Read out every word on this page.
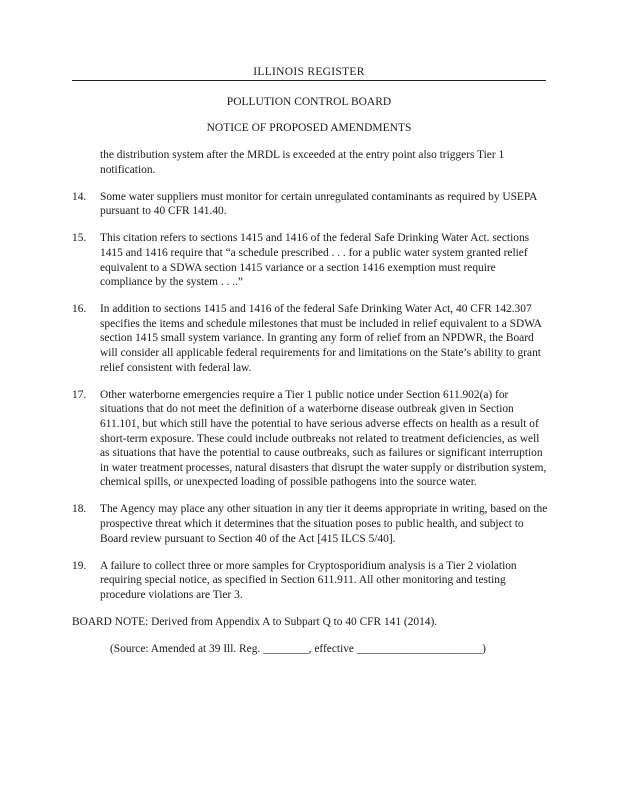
ILLINOIS REGISTER
POLLUTION CONTROL BOARD
NOTICE OF PROPOSED AMENDMENTS
the distribution system after the MRDL is exceeded at the entry point also triggers Tier 1 notification.
14.	Some water suppliers must monitor for certain unregulated contaminants as required by USEPA pursuant to 40 CFR 141.40.
15.	This citation refers to sections 1415 and 1416 of the federal Safe Drinking Water Act. sections 1415 and 1416 require that “a schedule prescribed . . . for a public water system granted relief equivalent to a SDWA section 1415 variance or a section 1416 exemption must require compliance by the system . . ..”
16.	In addition to sections 1415 and 1416 of the federal Safe Drinking Water Act, 40 CFR 142.307 specifies the items and schedule milestones that must be included in relief equivalent to a SDWA section 1415 small system variance. In granting any form of relief from an NPDWR, the Board will consider all applicable federal requirements for and limitations on the State’s ability to grant relief consistent with federal law.
17.	Other waterborne emergencies require a Tier 1 public notice under Section 611.902(a) for situations that do not meet the definition of a waterborne disease outbreak given in Section 611.101, but which still have the potential to have serious adverse effects on health as a result of short-term exposure. These could include outbreaks not related to treatment deficiencies, as well as situations that have the potential to cause outbreaks, such as failures or significant interruption in water treatment processes, natural disasters that disrupt the water supply or distribution system, chemical spills, or unexpected loading of possible pathogens into the source water.
18.	The Agency may place any other situation in any tier it deems appropriate in writing, based on the prospective threat which it determines that the situation poses to public health, and subject to Board review pursuant to Section 40 of the Act [415 ILCS 5/40].
19.	A failure to collect three or more samples for Cryptosporidium analysis is a Tier 2 violation requiring special notice, as specified in Section 611.911. All other monitoring and testing procedure violations are Tier 3.
BOARD NOTE: Derived from Appendix A to Subpart Q to 40 CFR 141 (2014).
(Source: Amended at 39 Ill. Reg. ________, effective ______________________)
